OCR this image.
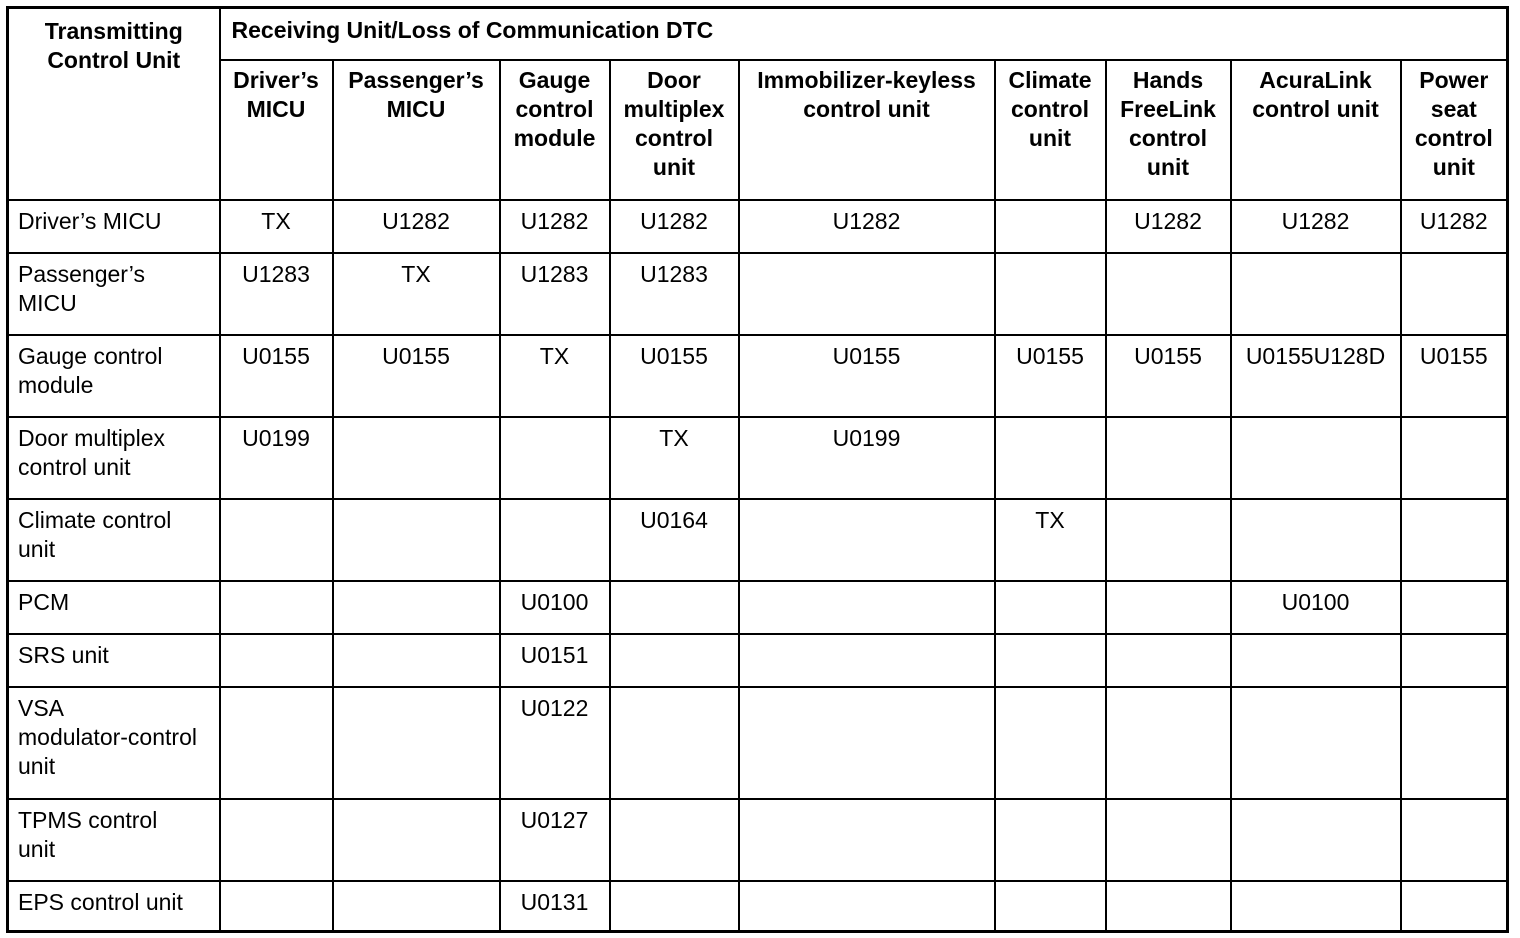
Transmitting
Control Unit	Receiving Unit/Loss of Communication DTC								
	Driver’s
MICU	Passenger’s
MICU	Gauge
control
module	Door
multiplex
control
unit	Immobilizer-keyless
control unit	Climate
control
unit	Hands
FreeLink
control
unit	AcuraLink
control unit	Power
seat
control
unit
Driver’s MICU	TX	U1282	U1282	U1282	U1282		U1282	U1282	U1282
Passenger’s
MICU	U1283	TX	U1283	U1283					
Gauge control
module	U0155	U0155	TX	U0155	U0155	U0155	U0155	U0155U128D	U0155
Door multiplex
control unit	U0199			TX	U0199				
Climate control
unit				U0164		TX			
PCM			U0100					U0100	
SRS unit			U0151						
VSA
modulator-control
unit			U0122						
TPMS control
unit			U0127						
EPS control unit			U0131						
